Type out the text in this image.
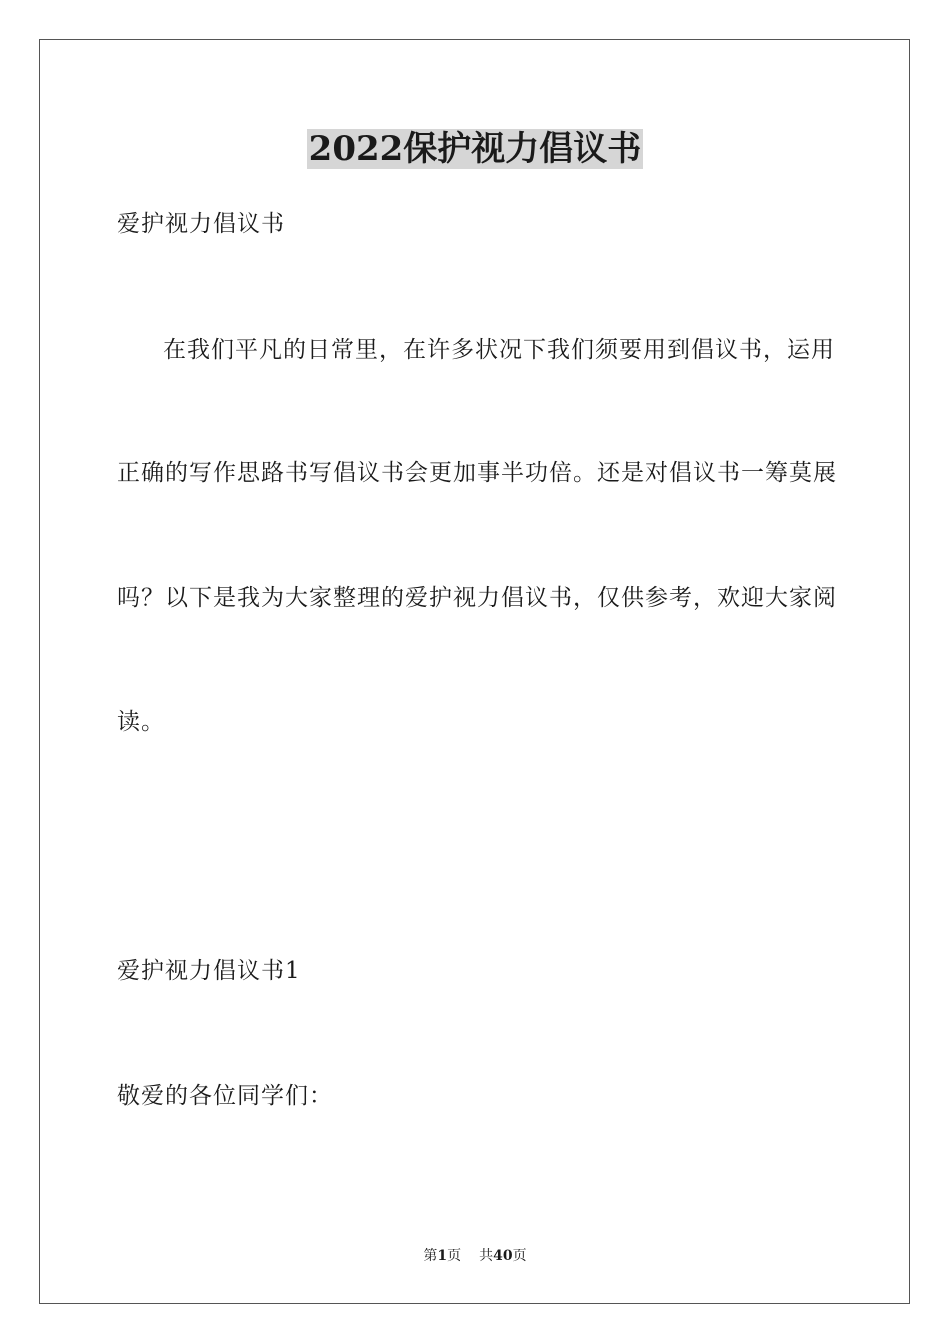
2022保护视力倡议书
爱护视力倡议书
在我们平凡的日常里，在许多状况下我们须要用到倡议书，运用
正确的写作思路书写倡议书会更加事半功倍。还是对倡议书一筹莫展
吗？以下是我为大家整理的爱护视力倡议书，仅供参考，欢迎大家阅
读。
爱护视力倡议书1
敬爱的各位同学们：
第1页 共40页
